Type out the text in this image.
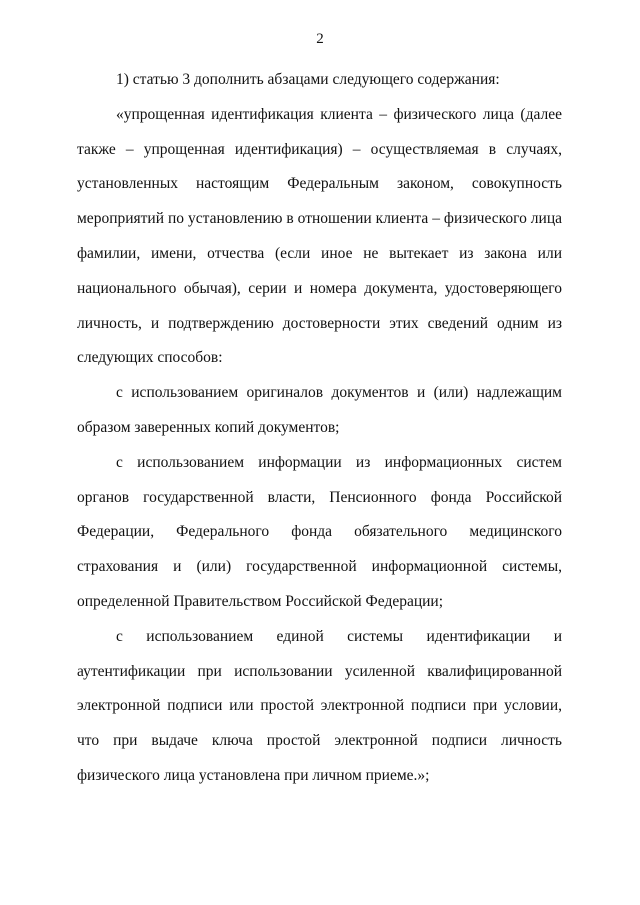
2

1) статью 3 дополнить абзацами следующего содержания:

«упрощенная идентификация клиента – физического лица (далее также – упрощенная идентификация) – осуществляемая в случаях, установленных настоящим Федеральным законом, совокупность мероприятий по установлению в отношении клиента – физического лица фамилии, имени, отчества (если иное не вытекает из закона или национального обычая), серии и номера документа, удостоверяющего личность, и подтверждению достоверности этих сведений одним из следующих способов:

с использованием оригиналов документов и (или) надлежащим образом заверенных копий документов;

с использованием информации из информационных систем органов государственной власти, Пенсионного фонда Российской Федерации, Федерального фонда обязательного медицинского страхования и (или) государственной информационной системы, определенной Правительством Российской Федерации;

с использованием единой системы идентификации и аутентификации при использовании усиленной квалифицированной электронной подписи или простой электронной подписи при условии, что при выдаче ключа простой электронной подписи личность физического лица установлена при личном приеме.»;
